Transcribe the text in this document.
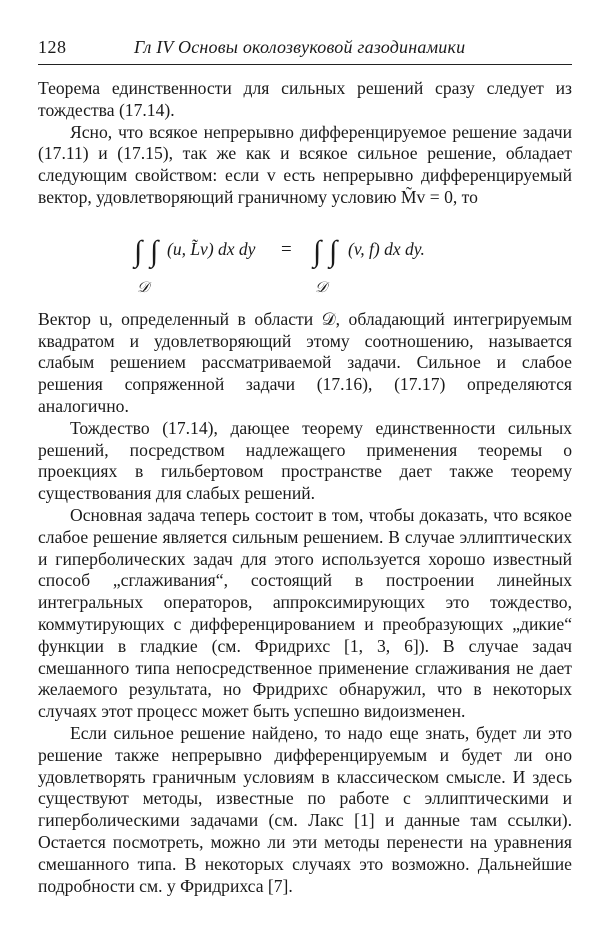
128	Гл IV Основы околозвуковой газодинамики

Теорема единственности для сильных решений сразу следует из тождества (17.14).

Ясно, что всякое непрерывно дифференцируемое решение задачи (17.11) и (17.15), так же как и всякое сильное решение, обладает следующим свойством: если v есть непрерывно дифференцируемый вектор, удовлетворяющий граничному условию M̃v = 0, то

∫ ∫ (u, L̃v) dx dy
𝒟
= ∫ ∫ (v, f) dx dy.
𝒟

Вектор u, определенный в области 𝒟, обладающий интегрируемым квадратом и удовлетворяющий этому соотношению, называется слабым решением рассматриваемой задачи. Сильное и слабое решения сопряженной задачи (17.16), (17.17) определяются аналогично.

Тождество (17.14), дающее теорему единственности сильных решений, посредством надлежащего применения теоремы о проекциях в гильбертовом пространстве дает также теорему существования для слабых решений.

Основная задача теперь состоит в том, чтобы доказать, что всякое слабое решение является сильным решением. В случае эллиптических и гиперболических задач для этого используется хорошо известный способ „сглаживания“, состоящий в построении линейных интегральных операторов, аппроксимирующих это тождество, коммутирующих с дифференцированием и преобразующих „дикие“ функции в гладкие (см. Фридрихс [1, 3, 6]). В случае задач смешанного типа непосредственное применение сглаживания не дает желаемого результата, но Фридрихс обнаружил, что в некоторых случаях этот процесс может быть успешно видоизменен.

Если сильное решение найдено, то надо еще знать, будет ли это решение также непрерывно дифференцируемым и будет ли оно удовлетворять граничным условиям в классическом смысле. И здесь существуют методы, известные по работе с эллиптическими и гиперболическими задачами (см. Лакс [1] и данные там ссылки). Остается посмотреть, можно ли эти методы перенести на уравнения смешанного типа. В некоторых случаях это возможно. Дальнейшие подробности см. у Фридрихса [7].
